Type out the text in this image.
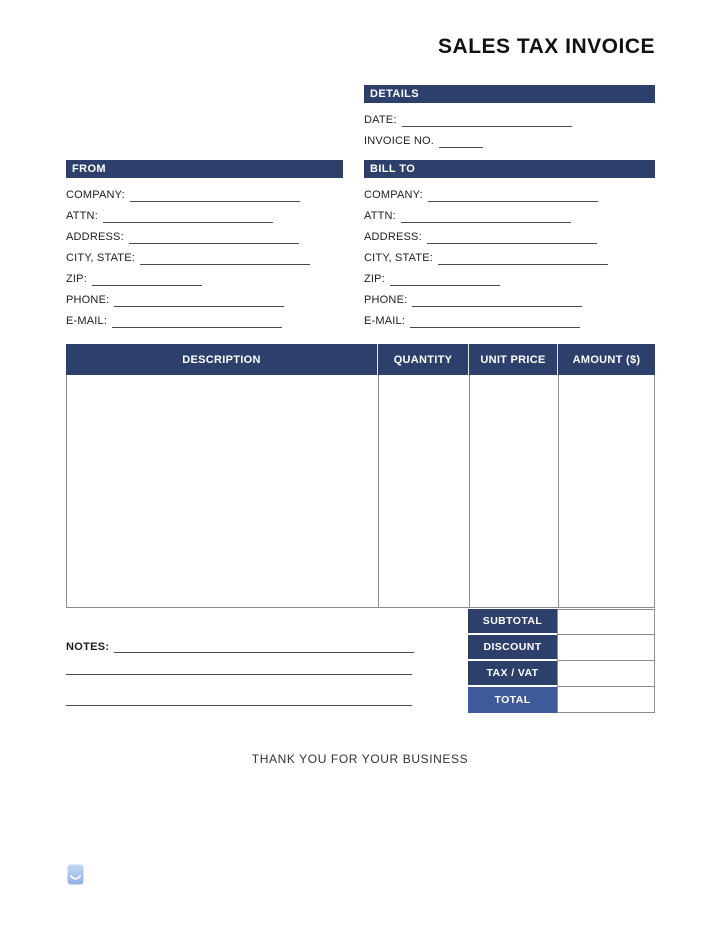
SALES TAX INVOICE
DETAILS
DATE:
INVOICE NO.
FROM
COMPANY:
ATTN:
ADDRESS:
CITY, STATE:
ZIP:
PHONE:
E-MAIL:
BILL TO
COMPANY:
ATTN:
ADDRESS:
CITY, STATE:
ZIP:
PHONE:
E-MAIL:
DESCRIPTION	QUANTITY	UNIT PRICE	AMOUNT ($)
SUBTOTAL
DISCOUNT
TAX / VAT
TOTAL
NOTES:
THANK YOU FOR YOUR BUSINESS
